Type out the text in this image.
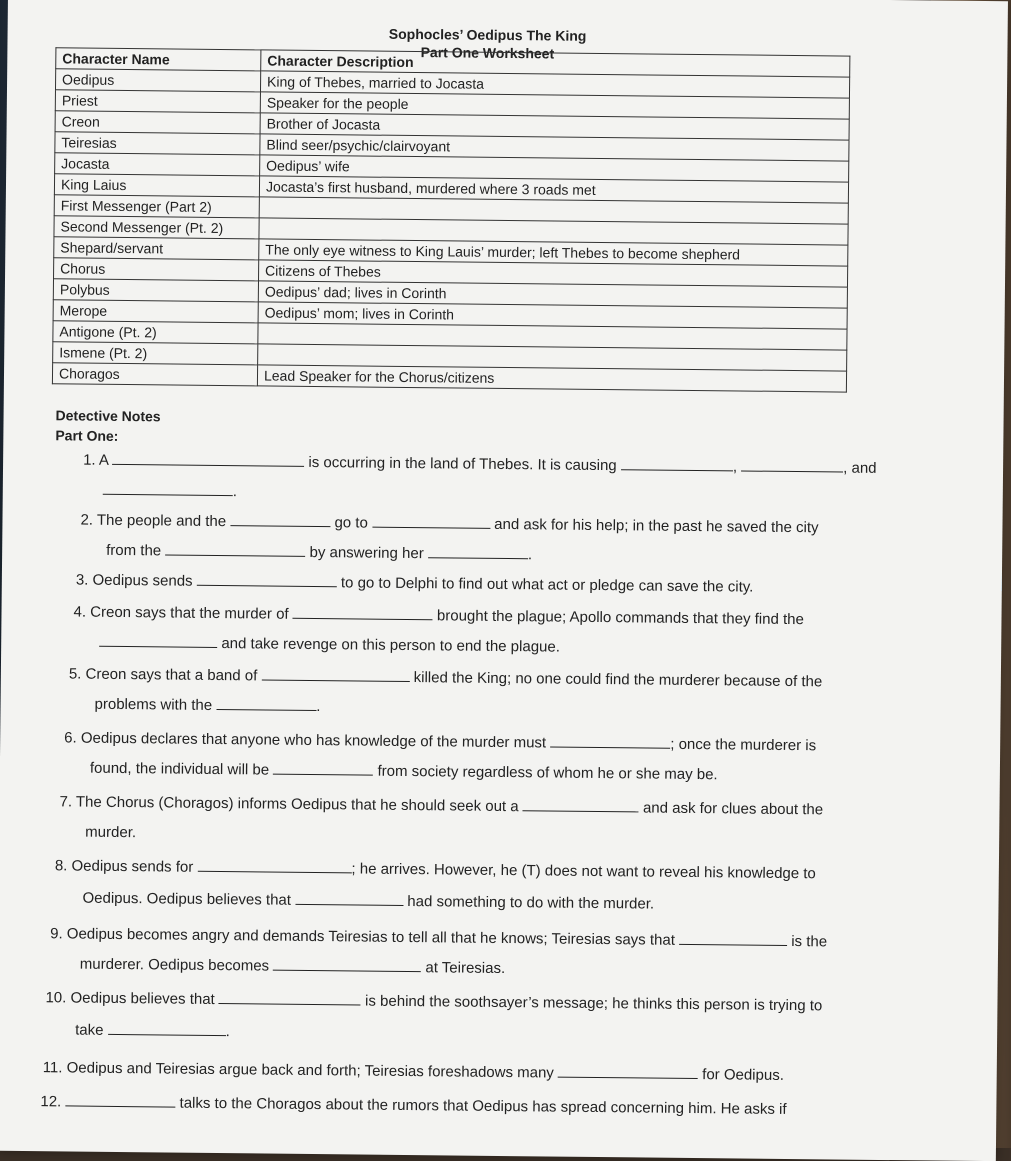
Sophocles’ Oedipus The King
Part One Worksheet
Character Name	Character Description
Oedipus	King of Thebes, married to Jocasta
Priest	Speaker for the people
Creon	Brother of Jocasta
Teiresias	Blind seer/psychic/clairvoyant
Jocasta	Oedipus’ wife
King Laius	Jocasta’s first husband, murdered where 3 roads met
First Messenger (Part 2)	
Second Messenger (Pt. 2)	
Shepard/servant	The only eye witness to King Lauis’ murder; left Thebes to become shepherd
Chorus	Citizens of Thebes
Polybus	Oedipus’ dad; lives in Corinth
Merope	Oedipus’ mom; lives in Corinth
Antigone (Pt. 2)	
Ismene (Pt. 2)	
Choragos	Lead Speaker for the Chorus/citizens
Detective Notes
Part One:
1. A	is occurring in the land of Thebes. It is causing	,	, and
.
2. The people and the	go to	and ask for his help; in the past he saved the city
from the	by answering her	.
3. Oedipus sends	to go to Delphi to find out what act or pledge can save the city.
4. Creon says that the murder of	brought the plague; Apollo commands that they find the
and take revenge on this person to end the plague.
5. Creon says that a band of	killed the King; no one could find the murderer because of the
problems with the	.
6. Oedipus declares that anyone who has knowledge of the murder must	; once the murderer is
found, the individual will be	from society regardless of whom he or she may be.
7. The Chorus (Choragos) informs Oedipus that he should seek out a	and ask for clues about the
murder.
8. Oedipus sends for	; he arrives. However, he (T) does not want to reveal his knowledge to
Oedipus. Oedipus believes that	had something to do with the murder.
9. Oedipus becomes angry and demands Teiresias to tell all that he knows; Teiresias says that	is the
murderer. Oedipus becomes	at Teiresias.
10. Oedipus believes that	is behind the soothsayer’s message; he thinks this person is trying to
take	.
11. Oedipus and Teiresias argue back and forth; Teiresias foreshadows many	for Oedipus.
12.	talks to the Choragos about the rumors that Oedipus has spread concerning him. He asks if
